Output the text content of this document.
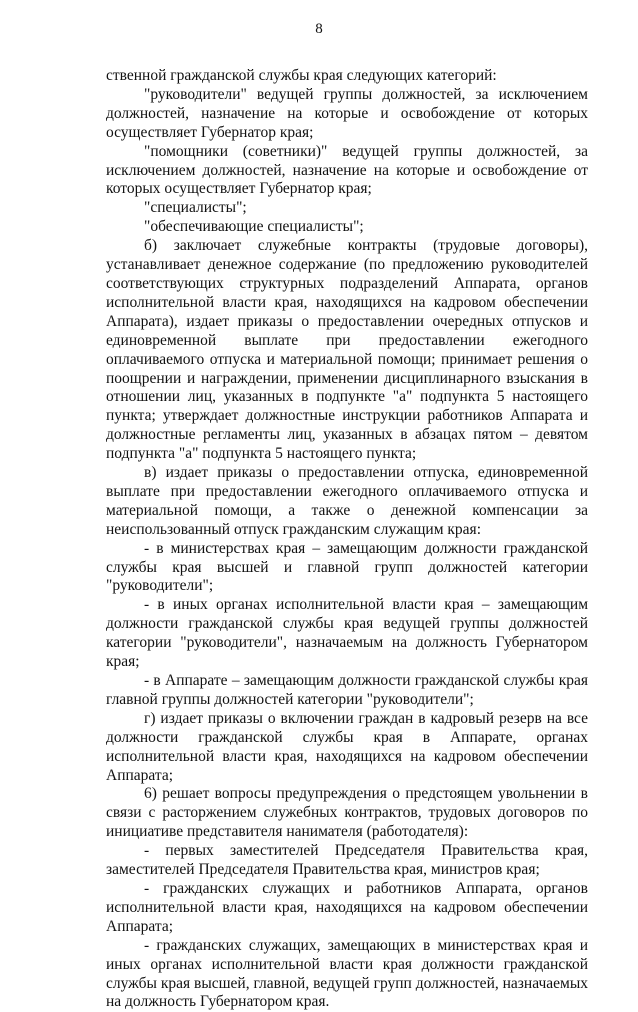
8

ственной гражданской службы края следующих категорий:

"руководители" ведущей группы должностей, за исключением должностей, назначение на которые и освобождение от которых осуществляет Губернатор края;

"помощники (советники)" ведущей группы должностей, за исключением должностей, назначение на которые и освобождение от которых осуществляет Губернатор края;

"специалисты";

"обеспечивающие специалисты";

б) заключает служебные контракты (трудовые договоры), устанавливает денежное содержание (по предложению руководителей соответствующих структурных подразделений Аппарата, органов исполнительной власти края, находящихся на кадровом обеспечении Аппарата), издает приказы о предоставлении очередных отпусков и единовременной выплате при предоставлении ежегодного оплачиваемого отпуска и материальной помощи; принимает решения о поощрении и награждении, применении дисциплинарного взыскания в отношении лиц, указанных в подпункте "а" подпункта 5 настоящего пункта; утверждает должностные инструкции работников Аппарата и должностные регламенты лиц, указанных в абзацах пятом – девятом подпункта "а" подпункта 5 настоящего пункта;

в) издает приказы о предоставлении отпуска, единовременной выплате при предоставлении ежегодного оплачиваемого отпуска и материальной помощи, а также о денежной компенсации за неиспользованный отпуск гражданским служащим края:

- в министерствах края – замещающим должности гражданской службы края высшей и главной групп должностей категории "руководители";

- в иных органах исполнительной власти края – замещающим должности гражданской службы края ведущей группы должностей категории "руководители", назначаемым на должность Губернатором края;

- в Аппарате – замещающим должности гражданской службы края главной группы должностей категории "руководители";

г) издает приказы о включении граждан в кадровый резерв на все должности гражданской службы края в Аппарате, органах исполнительной власти края, находящихся на кадровом обеспечении Аппарата;

6) решает вопросы предупреждения о предстоящем увольнении в связи с расторжением служебных контрактов, трудовых договоров по инициативе представителя нанимателя (работодателя):

- первых заместителей Председателя Правительства края, заместителей Председателя Правительства края, министров края;

- гражданских служащих и работников Аппарата, органов исполнительной власти края, находящихся на кадровом обеспечении Аппарата;

- гражданских служащих, замещающих в министерствах края и иных органах исполнительной власти края должности гражданской службы края высшей, главной, ведущей групп должностей, назначаемых на должность Губернатором края.
